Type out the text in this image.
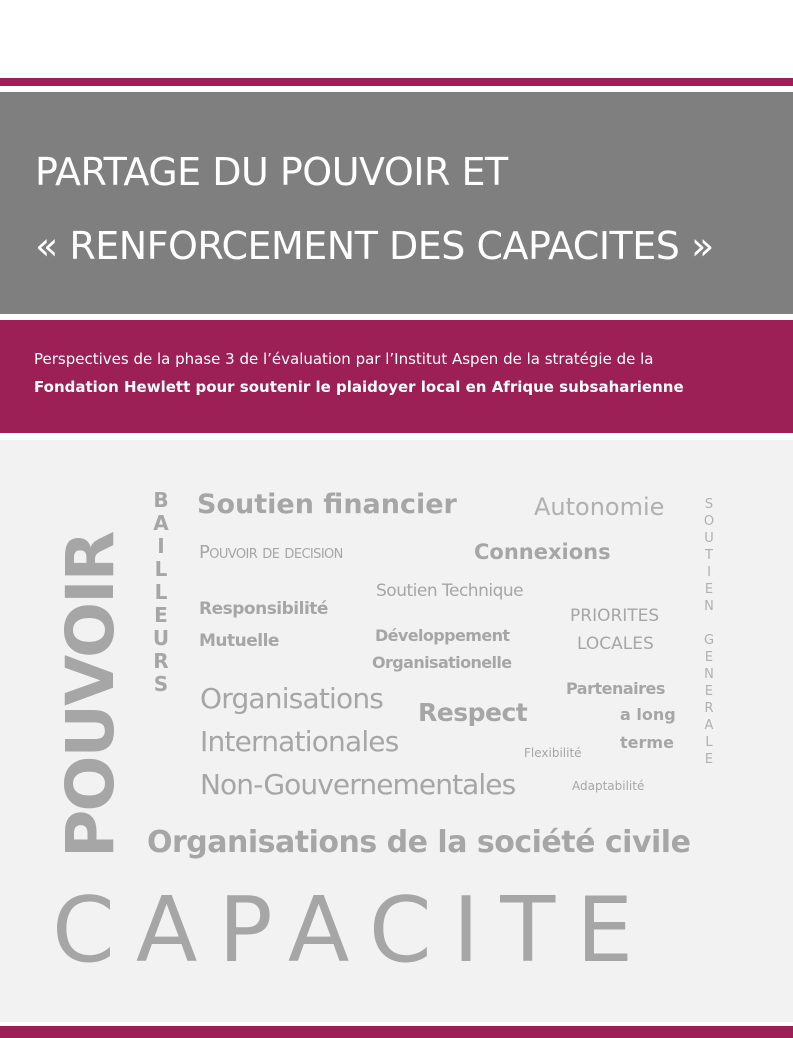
PARTAGE DU POUVOIR ET
« RENFORCEMENT DES CAPACITES »
Perspectives de la phase 3 de l’évaluation par l’Institut Aspen de la stratégie de la
Fondation Hewlett pour soutenir le plaidoyer local en Afrique subsaharienne
POUVOIR
B
A
I
L
L
E
U
R
S
S
O
U
T
I
E
N

G
E
N
E
R
A
L
E
Soutien financier	Autonomie
Pouvoir de decision	Connexions
Soutien Technique
Responsibilité
Mutuelle
PRIORITES
LOCALES
Développement
Organisationelle
Organisations Respect
Partenaires
a long
terme
Internationales	Flexibilité
Non-Gouvernementales	Adaptabilité
Organisations de la société civile
CAPACITE
